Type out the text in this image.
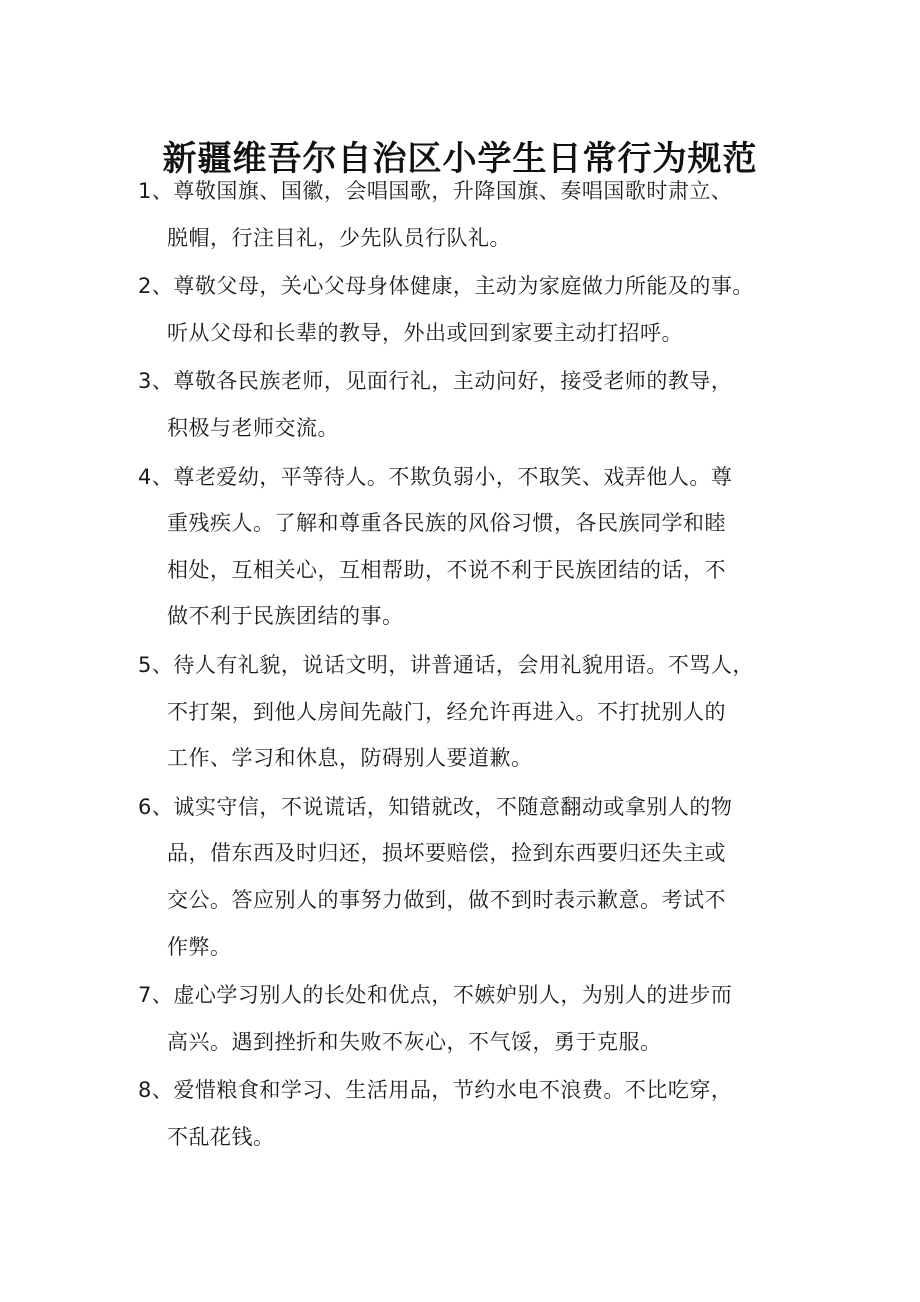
新疆维吾尔自治区小学生日常行为规范
1、尊敬国旗、国徽，会唱国歌，升降国旗、奏唱国歌时肃立、
脱帽，行注目礼，少先队员行队礼。
2、尊敬父母，关心父母身体健康，主动为家庭做力所能及的事。
听从父母和长辈的教导，外出或回到家要主动打招呼。
3、尊敬各民族老师，见面行礼，主动问好，接受老师的教导，
积极与老师交流。
4、尊老爱幼，平等待人。不欺负弱小，不取笑、戏弄他人。尊
重残疾人。了解和尊重各民族的风俗习惯，各民族同学和睦
相处，互相关心，互相帮助，不说不利于民族团结的话，不
做不利于民族团结的事。
5、待人有礼貌，说话文明，讲普通话，会用礼貌用语。不骂人，
不打架，到他人房间先敲门，经允许再进入。不打扰别人的
工作、学习和休息，防碍别人要道歉。
6、诚实守信，不说谎话，知错就改，不随意翻动或拿别人的物
品，借东西及时归还，损坏要赔偿，捡到东西要归还失主或
交公。答应别人的事努力做到，做不到时表示歉意。考试不
作弊。
7、虚心学习别人的长处和优点，不嫉妒别人，为别人的进步而
高兴。遇到挫折和失败不灰心，不气馁，勇于克服。
8、爱惜粮食和学习、生活用品，节约水电不浪费。不比吃穿，
不乱花钱。
